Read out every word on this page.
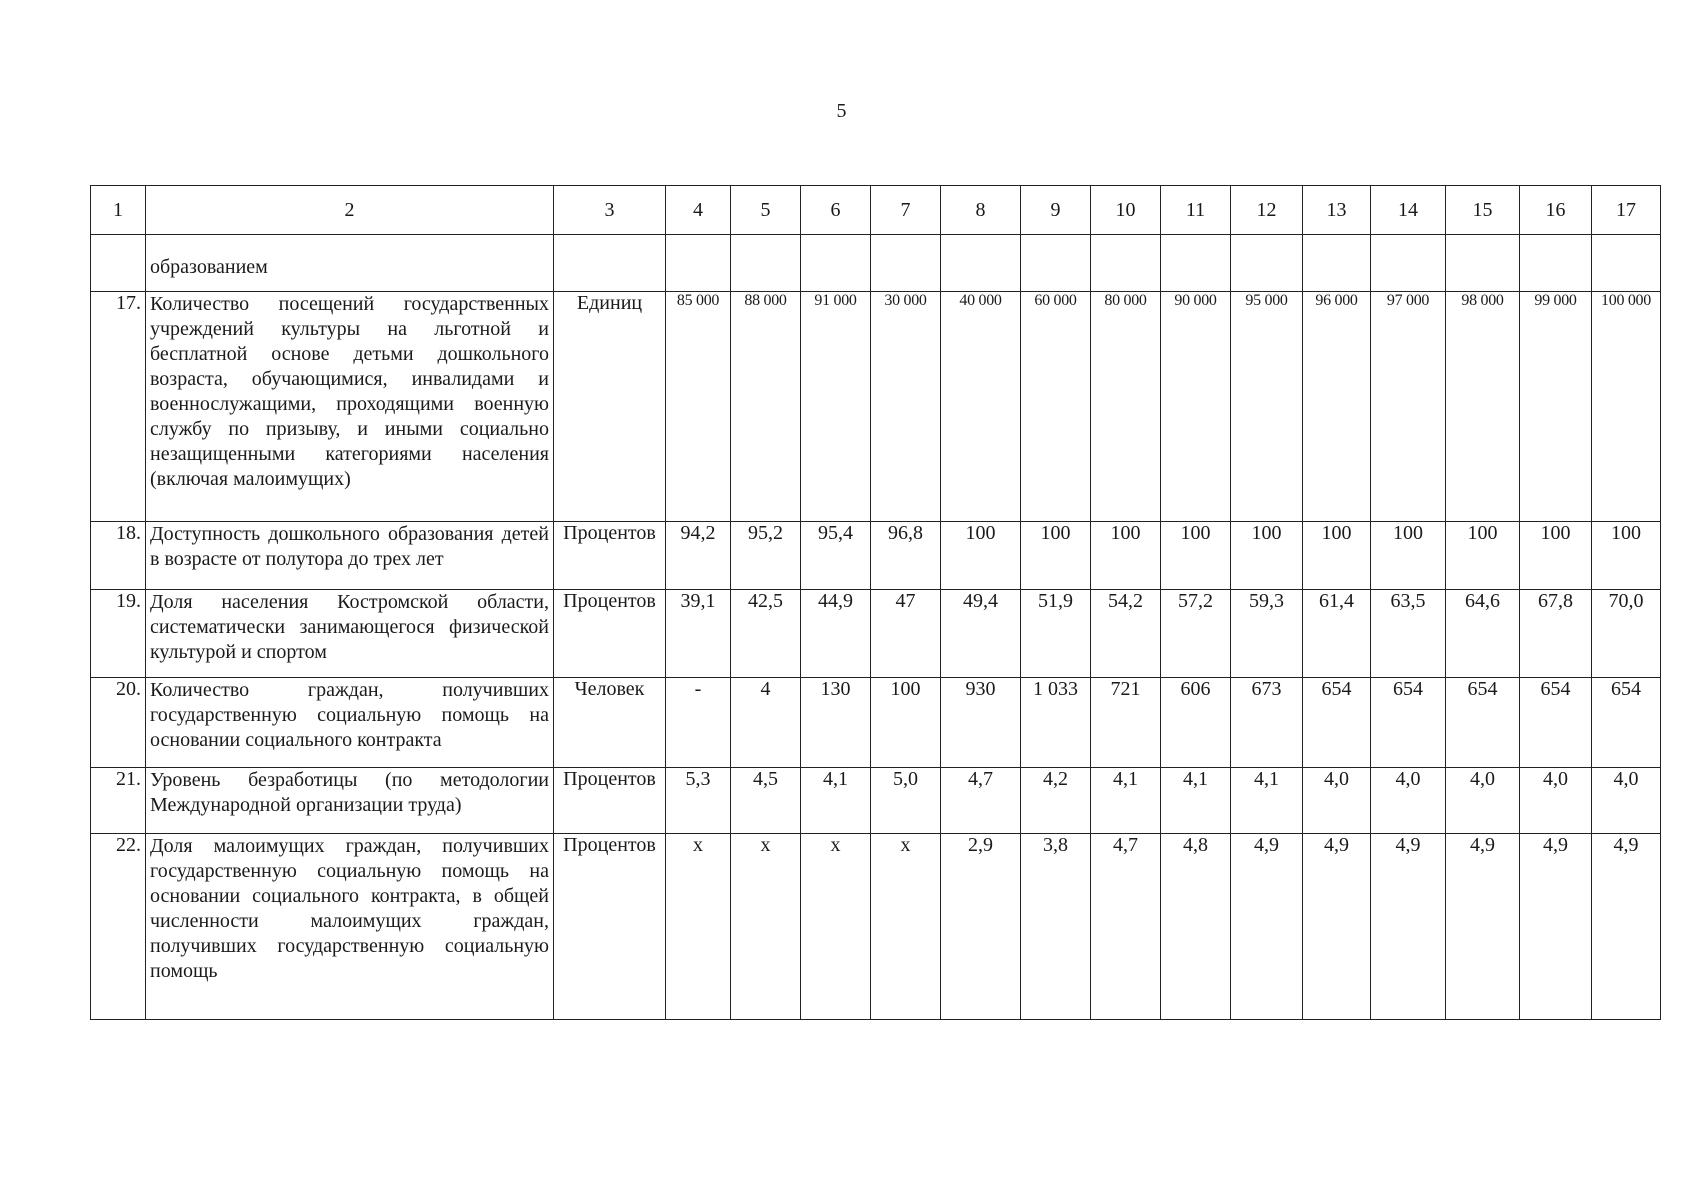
5
1	2	3	4	5	6	7	8	9	10	11	12	13	14	15	16	17
	образованием															
17.	Количество посещений государственных учреждений культуры на льготной и бесплатной основе детьми дошкольного возраста, обучающимися, инвалидами и военнослужащими, проходящими военную службу по призыву, и иными социально незащищенными категориями населения (включая малоимущих)	Единиц	85 000	88 000	91 000	30 000	40 000	60 000	80 000	90 000	95 000	96 000	97 000	98 000	99 000	100 000
18.	Доступность дошкольного образования детей в возрасте от полутора до трех лет	Процентов	94,2	95,2	95,4	96,8	100	100	100	100	100	100	100	100	100	100
19.	Доля населения Костромской области, систематически занимающегося физической культурой и спортом	Процентов	39,1	42,5	44,9	47	49,4	51,9	54,2	57,2	59,3	61,4	63,5	64,6	67,8	70,0
20.	Количество граждан, получивших государственную социальную помощь на основании социального контракта	Человек	-	4	130	100	930	1 033	721	606	673	654	654	654	654	654
21.	Уровень безработицы (по методологии Международной организации труда)	Процентов	5,3	4,5	4,1	5,0	4,7	4,2	4,1	4,1	4,1	4,0	4,0	4,0	4,0	4,0
22.	Доля малоимущих граждан, получивших государственную социальную помощь на основании социального контракта, в общей численности малоимущих граждан, получивших государственную социальную помощь	Процентов	x	x	x	x	2,9	3,8	4,7	4,8	4,9	4,9	4,9	4,9	4,9	4,9
